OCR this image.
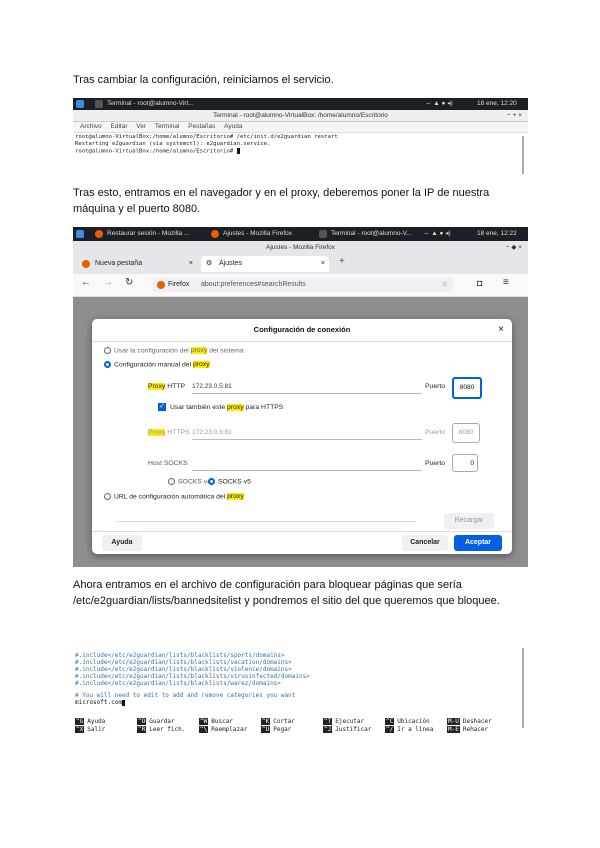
Tras cambiar la configuración, reiniciamos el servicio.
Terminal - root@alumno-Virt...	⇔ ▲ ● ◂)	18 ene, 12:20
Terminal - root@alumno-VirtualBox: /home/alumno/Escritorio	− + ×
Archivo Editar Ver Terminal Pestañas Ayuda
root@alumno-VirtualBox:/home/alumno/Escritorio# /etc/init.d/e2guardian restart
Restarting e2guardian (via systemctl): e2guardian.service.
root@alumno-VirtualBox:/home/alumno/Escritorio#
Tras esto, entramos en el navegador y en el proxy, deberemos poner la IP de nuestra máquina y el puerto 8080.
Restaurar sesión - Mozilla ...	Ajustes - Mozilla Firefox	Terminal - root@alumno-V... ⇔ ▲ ● ◂)	18 ene, 12:22
Ajustes - Mozilla Firefox	− ◆ ×
Nueva pestaña	× ⚙ Ajustes	× +
← → ↻	Firefox about:preferences#searchResults	☆	◘ ≡
Configuración de conexión	×
Usar la configuración del proxy del sistema
Configuración manual del proxy
Proxy HTTP 172.23.0.5:81	Puerto	8080
✓ Usar también este proxy para HTTPS
Proxy HTTPS 172.23.0.5:81	Puerto	8080
Host SOCKS	Puerto	0
SOCKS v4	SOCKS v5
URL de configuración automática del proxy
Recargar
Ayuda	Cancelar	Aceptar
Ahora entramos en el archivo de configuración para bloquear páginas que sería /etc/e2guardian/lists/bannedsitelist y pondremos el sitio del que queremos que bloquee.
#.include</etc/e2guardian/lists/blacklists/sports/domains>
#.include</etc/e2guardian/lists/blacklists/vacation/domains>
#.include</etc/e2guardian/lists/blacklists/violence/domains>
#.include</etc/e2guardian/lists/blacklists/virusinfected/domains>
#.include</etc/e2guardian/lists/blacklists/warez/domains>
# You will need to edit to add and remove categories you want
microsoft.com
^G Ayuda	^O Guardar	^W Buscar	^K Cortar	^T Ejecutar	^C Ubicación	M-U Deshacer
^X Salir	^R Leer fich. ^\ Reemplazar ^U Pegar	^J Justificar ^/ Ir a línea M-E Rehacer
